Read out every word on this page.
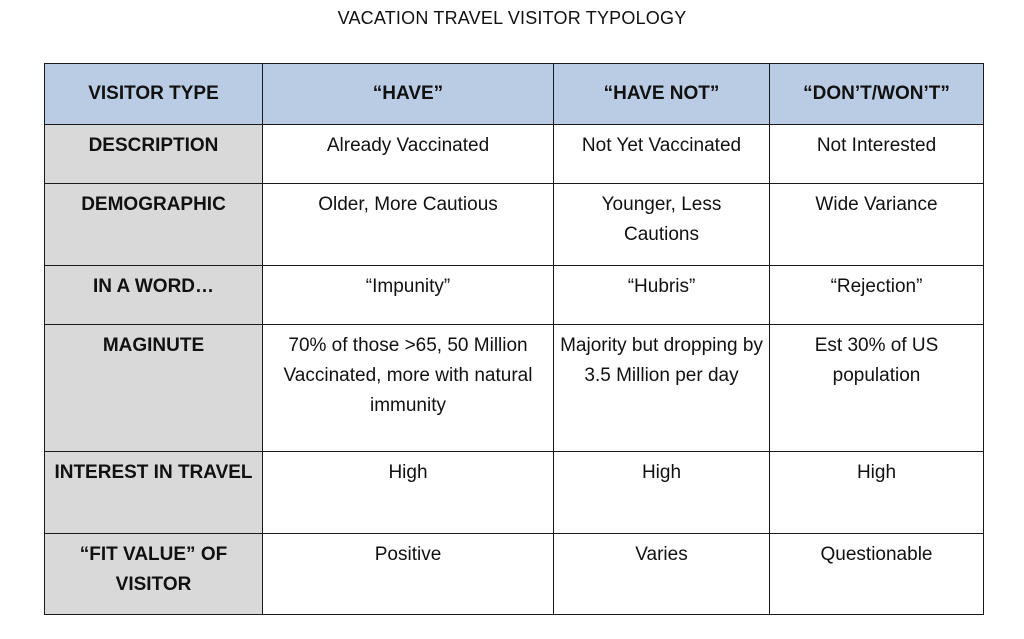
VACATION TRAVEL VISITOR TYPOLOGY
VISITOR TYPE	“HAVE”	“HAVE NOT”	“DON’T/WON’T”
DESCRIPTION	Already Vaccinated	Not Yet Vaccinated	Not Interested
DEMOGRAPHIC	Older, More Cautious	Younger, Less Cautions	Wide Variance
IN A WORD…	“Impunity”	“Hubris”	“Rejection”
MAGINUTE	70% of those >65, 50 Million Vaccinated, more with natural immunity	Majority but dropping by 3.5 Million per day	Est 30% of US population
INTEREST IN TRAVEL	High	High	High
“FIT VALUE” OF VISITOR	Positive	Varies	Questionable
